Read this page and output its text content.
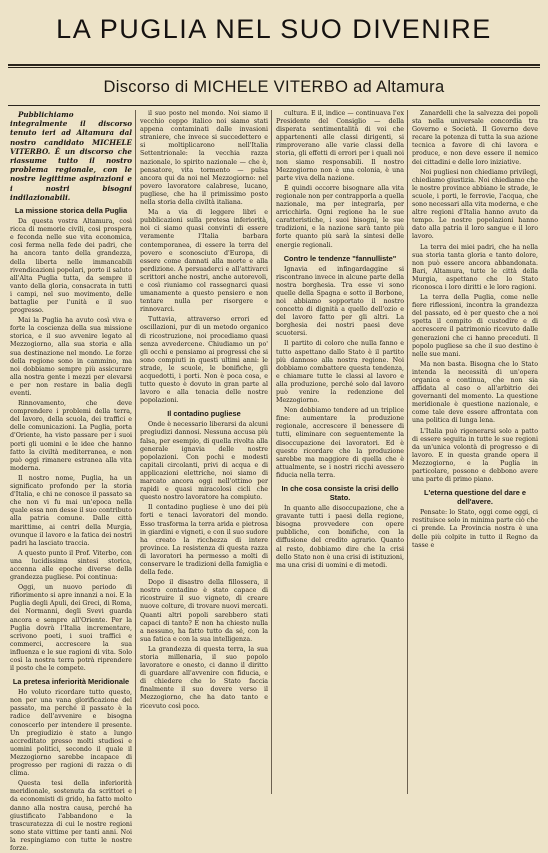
LA PUGLIA NEL SUO DIVENIRE
Discorso di MICHELE VITERBO ad Altamura

Pubblichiamo integralmente il discorso tenuto ieri ad Altamura dal nostro candidato MICHELE VITERBO. È un discorso che riassume tutto il nostro problema regionale, con le nostre legittime aspirazioni e i nostri bisogni indilazionabili.

La missione storica della Puglia

Da questa vostra Altamura, così ricca di memorie civili, così prospera e feconda nelle sue vita economica, così ferma nella fede dei padri, che ha ancora tanto della grandezza, della liberta nelle immancabili rivendicazioni popolari, porto il saluto all'Alta Puglia tutta, da sempre il vanto della gloria, consacrata in tutti i campi, nel suo movimento, delle battaglie per l'unità e il suo progresso.

Mai la Puglia ha avuto così viva e forte la coscienza della sua missione storica, e il suo avvenire legato al Mezzogiorno, alla sua storia e alla sua destinazione nel mondo. Le forze della regione sono in cammino, ma noi dobbiamo sempre più assicurare alla nostra gente i mezzi per elevarsi e per non restare in balia degli eventi.

Rinnovamento, che deve comprendere i problemi della terra, del lavoro, della scuola, dei traffici e delle comunicazioni. La Puglia, porta d'Oriente, ha visto passare per i suoi porti gli uomini e le idee che hanno fatto la civiltà mediterranea, e non può oggi rimanere estranea alla vita moderna.

Il nostro nome, Puglia, ha un significato profondo per la storia d'Italia, e chi ne conosce il passato sa che non vi fu mai un'epoca nella quale essa non desse il suo contributo alla patria comune. Dalle città marittime, ai centri della Murgia, ovunque il lavoro e la fatica dei nostri padri ha lasciato traccia.

A questo punto il Prof. Viterbo, con una lucidissima sintesi storica, accenna alle epoche diverse della grandezza pugliese. Poi continua:

Oggi, un nuovo periodo di rifiorimento si apre innanzi a noi. E la Puglia degli Apuli, dei Greci, di Roma, dei Normanni, degli Svevi guarda ancora e sempre all'Oriente. Per la Puglia dovrà l'Italia incrementare, scrivono poeti, i suoi traffici e commerci, accrescere la sua influenza e le sue ragioni di vita. Solo così la nostra terra potrà riprendere il posto che le compete.

La pretesa inferiorità Meridionale

Ho voluto ricordare tutto questo, non per una vana glorificazione del passato, ma perché il passato è la radice dell'avvenire e bisogna conoscerlo per intendere il presente. Un pregiudizio è stato a lungo accreditato presso molti studiosi e uomini politici, secondo il quale il Mezzogiorno sarebbe incapace di progresso per ragioni di razza o di clima.

Questa tesi della inferiorità meridionale, sostenuta da scrittori e da economisti di grido, ha fatto molto danno alla nostra causa, perché ha giustificato l'abbandono e la trascuratezza di cui le nostre regioni sono state vittime per tanti anni. Noi la respingiamo con tutte le nostre forze.

il suo posto nel mondo. Noi siamo il vecchio ceppo italico noi siamo stati appena contaminati dalle invasioni straniere, che invece si succedettero e si moltiplicarono nell'Italia Settentrionale: la vecchia razza nazionale, lo spirito nazionale — che è, pensatore, vita tormento — pulsa ancora qui da noi nel Mezzogiorno: nel povero lavoratore calabrese, lucano, pugliese, che ha il primissimo posto nella storia della civiltà italiana.

Ma a via di leggere libri e pubblicazioni sulla pretesa inferiorità, noi ci siamo quasi convinti di essere veramente l'Italia barbara contemporanea, di essere la terra del povero e sconosciuto d'Europa, di essere come dannati alla morte e alla perdizione. A persuaderci e all'attivarci scrittori anche nostri, anche autorevoli, e così riuniamo col rassegnarci quasi umanamente a questo pensiero e non tentare nulla per risorgere e rinnovarci.

Tuttavia, attraverso errori ed oscillazioni, pur di un metodo organico di ricostruzione, noi procediamo quasi senza avvedercene. Chiudiamo un po' gli occhi e pensiamo ai progressi che si sono compiuti in questi ultimi anni: le strade, le scuole, le bonifiche, gli acquedotti, i porti. Non è poca cosa, e tutto questo è dovuto in gran parte al lavoro e alla tenacia delle nostre popolazioni.

Il contadino pugliese

Onde è necessario liberarsi da alcuni pregiudizi dannosi. Nessuna accusa più falsa, per esempio, di quella rivolta alla generale ignavia delle nostre popolazioni. Con pochi e modesti capitali circolanti, privi di acqua e di applicazioni elettriche, noi siamo di marcato ancora oggi nell'ottimo per rapidi e quasi miracolosi cicli che questo nostro lavoratore ha compiuto.

Il contadino pugliese è uno dei più forti e tenaci lavoratori del mondo. Esso trasforma la terra arida e pietrosa in giardini e vigneti, e con il suo sudore ha creato la ricchezza di intere province. La resistenza di questa razza di lavoratori ha permesso a molti di conservare le tradizioni della famiglia e della fede.

Dopo il disastro della fillossera, il nostro contadino è stato capace di ricostruire il suo vigneto, di creare nuove colture, di trovare nuovi mercati. Quanti altri popoli sarebbero stati capaci di tanto? E non ha chiesto nulla a nessuno, ha fatto tutto da sé, con la sua fatica e con la sua intelligenza.

La grandezza di questa terra, la sua storia millenaria, il suo popolo lavoratore e onesto, ci danno il diritto di guardare all'avvenire con fiducia, e di chiedere che lo Stato faccia finalmente il suo dovere verso il Mezzogiorno, che ha dato tanto e ricevuto così poco.

cultura. E il, indice — continuava l'ex Presidente del Consiglio — della disperata sentimentalità di voi che appartenenti alle classi dirigenti, si rimproverano alle varie classi della storia, gli effetti di errori per i quali noi non siamo responsabili. Il nostro Mezzogiorno non è una colonia, è una parte viva della nazione.

È quindi occorre bisognare alla vita regionale non per contrapporla a quella nazionale, ma per integrarla, per arricchirla. Ogni regione ha le sue caratteristiche, i suoi bisogni, le sue tradizioni, e la nazione sarà tanto più forte quanto più sarà la sintesi delle energie regionali.

Contro le tendenze "fannulliste"

Ignavia ed infingardaggine si riscontrano invece in alcune parte della nostra borghesia. Tra esse vi sono quelle della Spagna e sotto il Borbone, noi abbiamo sopportato il nostro concetto di dignità a quello dell'ozio e del lavoro fatto per gli altri. La borghesia dei nostri paesi deve scuotersi.

Il partito di coloro che nulla fanno e tutto aspettano dallo Stato è il partito più dannoso alla nostra regione. Noi dobbiamo combattere questa tendenza, e chiamare tutte le classi al lavoro e alla produzione, perché solo dal lavoro può venire la redenzione del Mezzogiorno.

Non dobbiamo tendere ad un triplice fine: aumentare la produzione regionale, accrescere il benessere di tutti, eliminare con seguentemente la disoccupazione dei lavoratori. Ed è questo ricordare che la produzione sarebbe ma maggiore di quella che è attualmente, se i nostri ricchi avessero fiducia nella terra.

In che cosa consiste la crisi dello Stato.

In quanto alle disoccupazione, che a gravante tutti i paesi della regione, bisogna provvedere con opere pubbliche, con bonifiche, con la diffusione del credito agrario. Quanto al resto, dobbiamo dire che la crisi dello Stato non è una crisi di istituzioni, ma una crisi di uomini e di metodi.

Zanardelli che la salvezza dei popoli sta nella universale concordia tra Governo e Società. Il Governo deve recare la potenza di tutta la sua azione tecnica a favore di chi lavora e produce, e non deve essere il nemico dei cittadini e delle loro iniziative.

Noi pugliesi non chiediamo privilegi, chiediamo giustizia. Noi chiediamo che le nostre province abbiano le strade, le scuole, i porti, le ferrovie, l'acqua, che sono necessari alla vita moderna, e che altre regioni d'Italia hanno avuto da tempo. Le nostre popolazioni hanno dato alla patria il loro sangue e il loro lavoro.

La terra dei miei padri, che ha nella sua storia tanta gloria e tanto dolore, non può essere ancora abbandonata. Bari, Altamura, tutte le città della Murgia, aspettano che lo Stato riconosca i loro diritti e le loro ragioni.

La terra della Puglia, come nelle fiere riflessioni, incontra la grandezza del passato, ed è per questo che a noi spetta il compito di custodire e di accrescere il patrimonio ricevuto dalle generazioni che ci hanno preceduti. Il popolo pugliese sa che il suo destino è nelle sue mani.

Ma non basta. Bisogna che lo Stato intenda la necessità di un'opera organica e continua, che non sia affidata al caso o all'arbitrio dei governanti del momento. La questione meridionale è questione nazionale, e come tale deve essere affrontata con una politica di lunga lena.

L'Italia può rigenerarsi solo a patto di essere seguita in tutte le sue regioni da un'unica volontà di progresso e di lavoro. E in questa grande opera il Mezzogiorno, e la Puglia in particolare, possono e debbono avere una parte di primo piano.

L'eterna questione del dare e dell'avere.

Pensate: lo Stato, oggi come oggi, ci restituisce solo in minima parte ciò che ci prende. La Provincia nostra è una delle più colpite in tutto il Regno da tasse e
